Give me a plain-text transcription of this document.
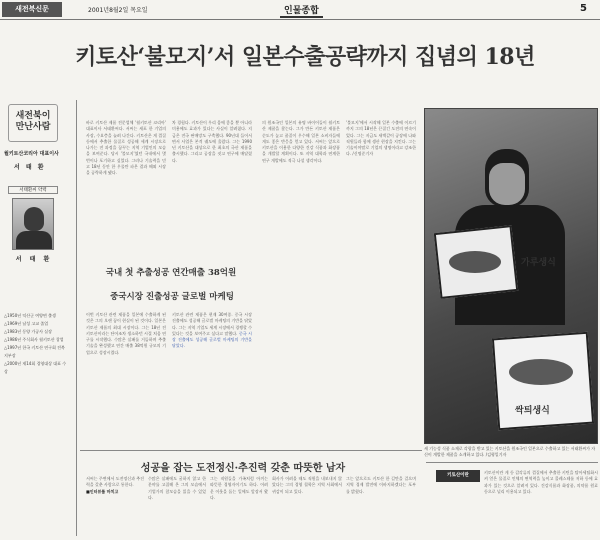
새전북신문	2001년8월2일 목요일	인물종합	5
키토산‘불모지’서 일본수출공략까지 집념의 18년
새전북이 만난사람
월키토산코리아 대표이사
서 태 환
서태환씨 약력
서 태 환
△1950년 익산군 여양면 출생
△1969년 남성 고교 졸업
△1983년 동양 가공사 실장
△1986년 주식회사 월키토산 창업
△1997년 한국 키토산 연구회 전북 지부장
△2000년 제14회 경영대상 대표 수상
바로 키토산 제품 전문업체 '월키토산 코리아' 대표이사 서태환씨다. 서씨는 새포 한 기업의 사장, 수요층을 늘려 나간다. 키토산은 게 껍질 등에서 추출한 물질로 성공해 세계 시장으로 나가는 전 과정을 꿈꾸는 지역 기업인의 모습을 보여준다. 당시 '불모지'였던 국내에서 몇 번이나 포기하고 싶었다. 그러나 기술력을 믿고 18년 동안 한 우물만 파온 결과 해외 시장을 공략하게 됐다.
차 경험다. 키토산이 우리 몸에 좋을 뿐 아니라 미용에도 효과가 있다는 사실이 알려졌다. 지금은 전국 판매망도 구축했다. 90년대 들어서면서 사업은 본격 궤도에 올랐다. 그는 1990년 키토산을 대상으로 한 최초의 국산 제품을 출시했다. 그리고 공장을 짓고 연구에 매달렸다.
국내 첫 추출성공 연간매출 38억원
중국시장 진출성공 글로벌 마케팅
이번 키토산 관련 제품을 일본에 수출하게 된 것은 그의 오랜 꿈이 현실이 된 것이다. 일본은 키토산 제품의 최대 시장이다. 그는 18년 전 키토산이라는 단어조차 생소하던 시절 처음 연구를 시작했다. 수많은 실패를 거듭하며 추출 기술을 완성했고 연간 매출 38억원 규모의 기업으로 성장시켰다.
키토산 관련 제품은 현재 30여종. 중국 시장 진출에도 성공해 글로벌 마케팅의 기반을 닦았다. 그는 지역 기업도 세계 시장에서 경쟁할 수 있다는 것을 보여주고 싶다고 말했다. 중국 시장 진출에도 성공해 글로벌 마케팅의 기반을 닦았다.
의 원조국인 일본의 유명 바이어들이 월키토산 제품을 찾는다. 그가 만든 키토산 제품은 순도가 높고 품질이 우수해 일본 소비자들에게도 좋은 반응을 얻고 있다. 서씨는 앞으로 키토산을 이용한 다양한 건강 식품과 화장품을 개발할 계획이다. 또 지역 대학과 연계한 연구 개발에도 적극 나설 생각이다.
'불모지'에서 시작해 일본 수출에 이르기까지 그의 18년은 끈질긴 도전의 연속이었다. 그는 지금도 새벽같이 공장에 나와 직원들과 함께 생산 현장을 지킨다. 그는 기술이야말로 기업의 생명이라고 강조한다. /신명준기자
가루생식
싹틔생식
새 기능성 식품 소재로 각광을 받고 있는 키토산을 원조국인 일본으로 수출하고 있는 서태환씨가 자신이 개발한 제품을 소개하고 있다. /김형일기자
성공을 잡는 도전정신·추진력 갖춘 따뜻한 남자
서씨는 주변에서 도전정신과 추진력을 갖춘 사람으로 통한다.
■인터뷰를 마치고
수많은 실패에도 굴하지 않고 한 분야를 고집해 온 그의 모습에서 기업가의 참모습을 읽을 수 있었다.
그는 직원들을 가족처럼 아끼는 따뜻한 경영자이기도 하다. 어려운 이웃을 돕는 일에도 앞장서 왔다.
회사가 어려울 때도 직원을 내보내지 않았다는 그의 경영 철학은 지역 사회에서 귀감이 되고 있다.
그는 앞으로도 키토산 한 길만을 걸으며 지역 경제 발전에 이바지하겠다는 포부를 밝혔다.
키토산이란
키토산이란 게 등 갑각류의 껍질에서 추출한 키틴을 탈아세틸화시켜 얻은 물질로 인체의 면역력을 높이고 콜레스테롤 저하 등에 효과가 있는 것으로 알려져 있다. 건강식품과 화장품, 의약품 원료 등으로 널리 이용되고 있다.
